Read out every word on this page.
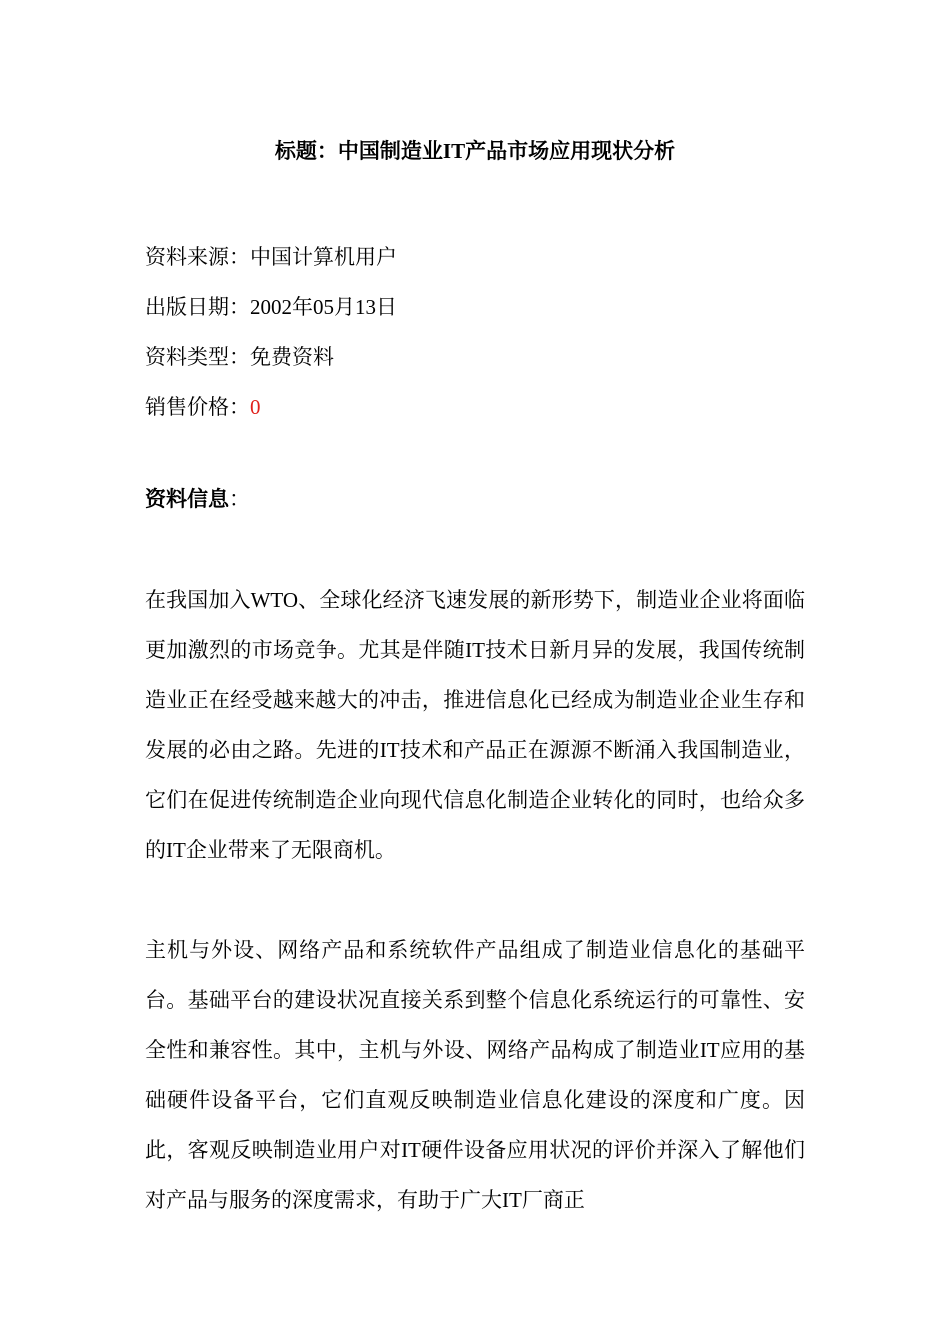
标题：中国制造业IT产品市场应用现状分析
资料来源：中国计算机用户
出版日期：2002年05月13日
资料类型：免费资料
销售价格：0
资料信息：

在我国加入WTO、全球化经济飞速发展的新形势下，制造业企业将面临更加激烈的市场竞争。尤其是伴随IT技术日新月异的发展，我国传统制造业正在经受越来越大的冲击，推进信息化已经成为制造业企业生存和发展的必由之路。先进的IT技术和产品正在源源不断涌入我国制造业，它们在促进传统制造企业向现代信息化制造企业转化的同时，也给众多的IT企业带来了无限商机。

主机与外设、网络产品和系统软件产品组成了制造业信息化的基础平台。基础平台的建设状况直接关系到整个信息化系统运行的可靠性、安全性和兼容性。其中，主机与外设、网络产品构成了制造业IT应用的基础硬件设备平台，它们直观反映制造业信息化建设的深度和广度。因此，客观反映制造业用户对IT硬件设备应用状况的评价并深入了解他们对产品与服务的深度需求，有助于广大IT厂商正
